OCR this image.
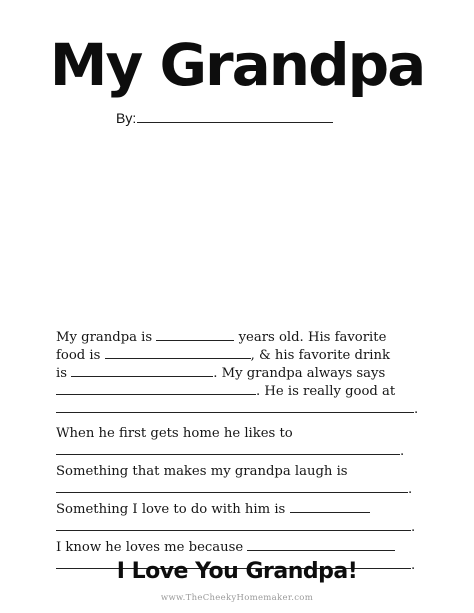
My Grandpa
By:
My grandpa is	years old. His favorite
food is	, & his favorite drink
is	. My grandpa always says
. He is really good at
.
When he first gets home he likes to
.
Something that makes my grandpa laugh is
.
Something I love to do with him is
.
I know he loves me because
.
I Love You Grandpa!
www.TheCheekyHomemaker.com
